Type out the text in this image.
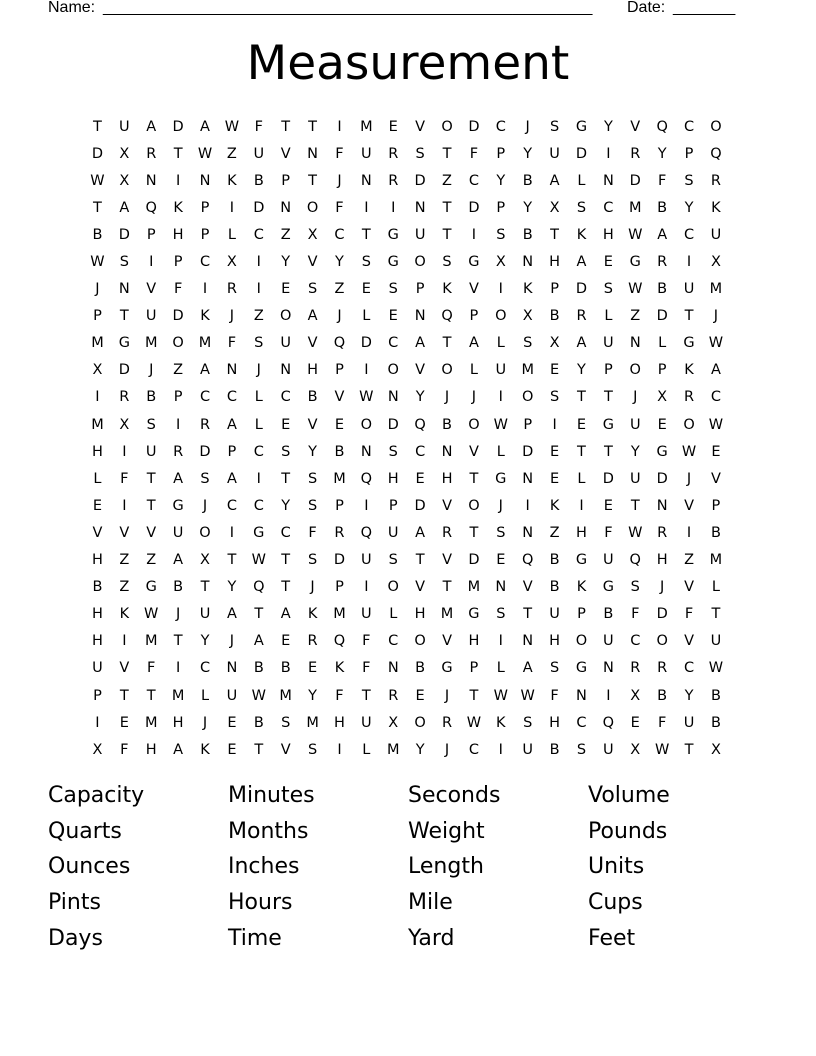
Name: _______________________________________________________ Date: _______
Measurement
T	U	A	D	A	W	F	T	T	I	M	E	V	O	D	C	J	S	G	Y	V	Q	C	O
D	X	R	T	W	Z	U	V	N	F	U	R	S	T	F	P	Y	U	D	I	R	Y	P	Q
W	X	N	I	N	K	B	P	T	J	N	R	D	Z	C	Y	B	A	L	N	D	F	S	R
T	A	Q	K	P	I	D	N	O	F	I	I	N	T	D	P	Y	X	S	C	M	B	Y	K
B	D	P	H	P	L	C	Z	X	C	T	G	U	T	I	S	B	T	K	H W	A	C	U
W	S	I	P	C	X	I	Y	V	Y	S	G	O	S	G	X	N	H	A	E	G	R	I	X
J	N	V	F	I	R	I	E	S	Z	E	S	P	K	V	I	K	P	D	S	W	B	U	M
P	T	U	D	K	J	Z	O	A	J	L	E	N	Q	P	O	X	B	R	L	Z	D	T	J
M	G	M	O	M	F	S	U	V	Q	D	C	A	T	A	L	S	X	A	U	N	L	G W
X	D	J	Z	A	N	J	N	H	P	I	O	V	O	L	U	M	E	Y	P	O	P	K	A
I	R	B	P	C	C	L	C	B	V	W N	Y	J	J	I	O	S	T	T	J	X	R	C
M	X	S	I	R	A	L	E	V	E	O	D	Q	B	O W	P	I	E	G	U	E	O W
H	I	U	R	D	P	C	S	Y	B	N	S	C	N	V	L	D	E	T	T	Y	G W	E
L	F	T	A	S	A	I	T	S	M	Q	H	E	H	T	G	N	E	L	D	U	D	J	V
E	I	T	G	J	C	C	Y	S	P	I	P	D	V	O	J	I	K	I	E	T	N	V	P
V	V	V	U	O	I	G	C	F	R	Q	U	A	R	T	S	N	Z	H	F	W	R	I	B
H	Z	Z	A	X	T	W	T	S	D	U	S	T	V	D	E	Q	B	G	U	Q	H	Z	M
B	Z	G	B	T	Y	Q	T	J	P	I	O	V	T	M	N	V	B	K	G	S	J	V	L
H	K	W	J	U	A	T	A	K	M	U	L	H	M	G	S	T	U	P	B	F	D	F	T
H	I	M	T	Y	J	A	E	R	Q	F	C	O	V	H	I	N	H	O	U	C	O	V	U
U	V	F	I	C	N	B	B	E	K	F	N	B	G	P	L	A	S	G	N	R	R	C	W
P	T	T	M	L	U W M	Y	F	T	R	E	J	T	W W	F	N	I	X	B	Y	B
I	E	M	H	J	E	B	S	M	H	U	X	O	R	W	K	S	H	C	Q	E	F	U	B
X	F	H	A	K	E	T	V	S	I	L	M	Y	J	C	I	U	B	S	U	X	W	T	X
Capacity	Minutes	Seconds	Volume
Quarts	Months	Weight	Pounds
Ounces	Inches	Length	Units
Pints	Hours	Mile	Cups
Days	Time	Yard	Feet
